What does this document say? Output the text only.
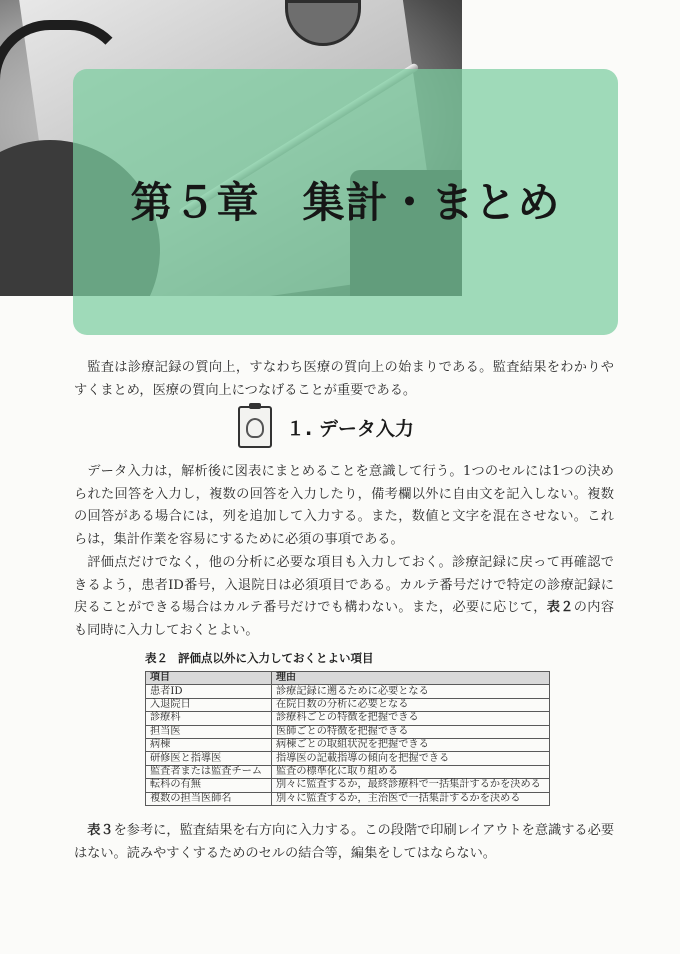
第５章　集計・まとめ

監査は診療記録の質向上，すなわち医療の質向上の始まりである。監査結果をわかりやすくまとめ，医療の質向上につなげることが重要である。

１. データ入力

データ入力は，解析後に図表にまとめることを意識して行う。1つのセルには1つの決められた回答を入力し，複数の回答を入力したり，備考欄以外に自由文を記入しない。複数の回答がある場合には，列を追加して入力する。また，数値と文字を混在させない。これらは，集計作業を容易にするために必須の事項である。

評価点だけでなく，他の分析に必要な項目も入力しておく。診療記録に戻って再確認できるよう，患者ID番号，入退院日は必須項目である。カルテ番号だけで特定の診療記録に戻ることができる場合はカルテ番号だけでも構わない。また，必要に応じて，表２の内容も同時に入力しておくとよい。

表２ 評価点以外に入力しておくとよい項目

項目	理由
患者ID	診療記録に遡るために必要となる
入退院日	在院日数の分析に必要となる
診療科	診療科ごとの特徴を把握できる
担当医	医師ごとの特徴を把握できる
病棟	病棟ごとの取組状況を把握できる
研修医と指導医	指導医の記載指導の傾向を把握できる
監査者または監査チーム	監査の標準化に取り組める
転科の有無	別々に監査するか，最終診療科で一括集計するかを決める
複数の担当医師名	別々に監査するか，主治医で一括集計するかを決める

表３を参考に，監査結果を右方向に入力する。この段階で印刷レイアウトを意識する必要はない。読みやすくするためのセルの結合等，編集をしてはならない。
